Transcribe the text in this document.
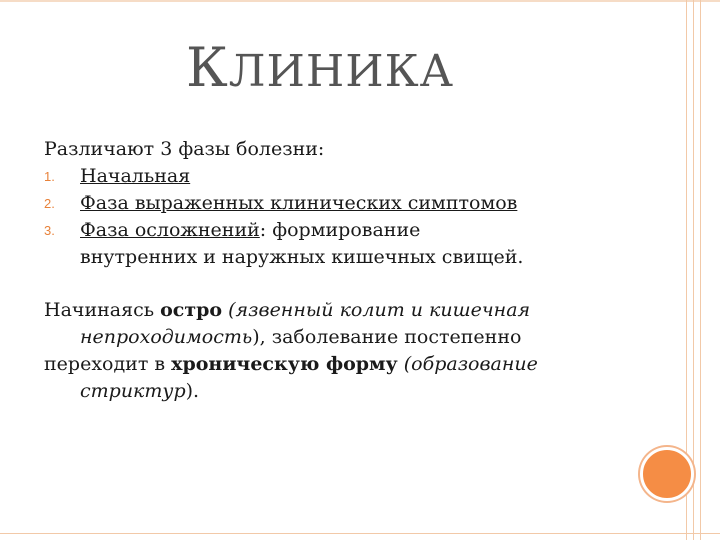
КЛИНИКА
Различают 3 фазы болезни:
1. Начальная
2. Фаза выраженных клинических симптомов
3. Фаза осложнений: формирование
внутренних и наружных кишечных свищей.
Начинаясь остро (язвенный колит и кишечная
непроходимость), заболевание постепенно
переходит в хроническую форму (образование
стриктур).
